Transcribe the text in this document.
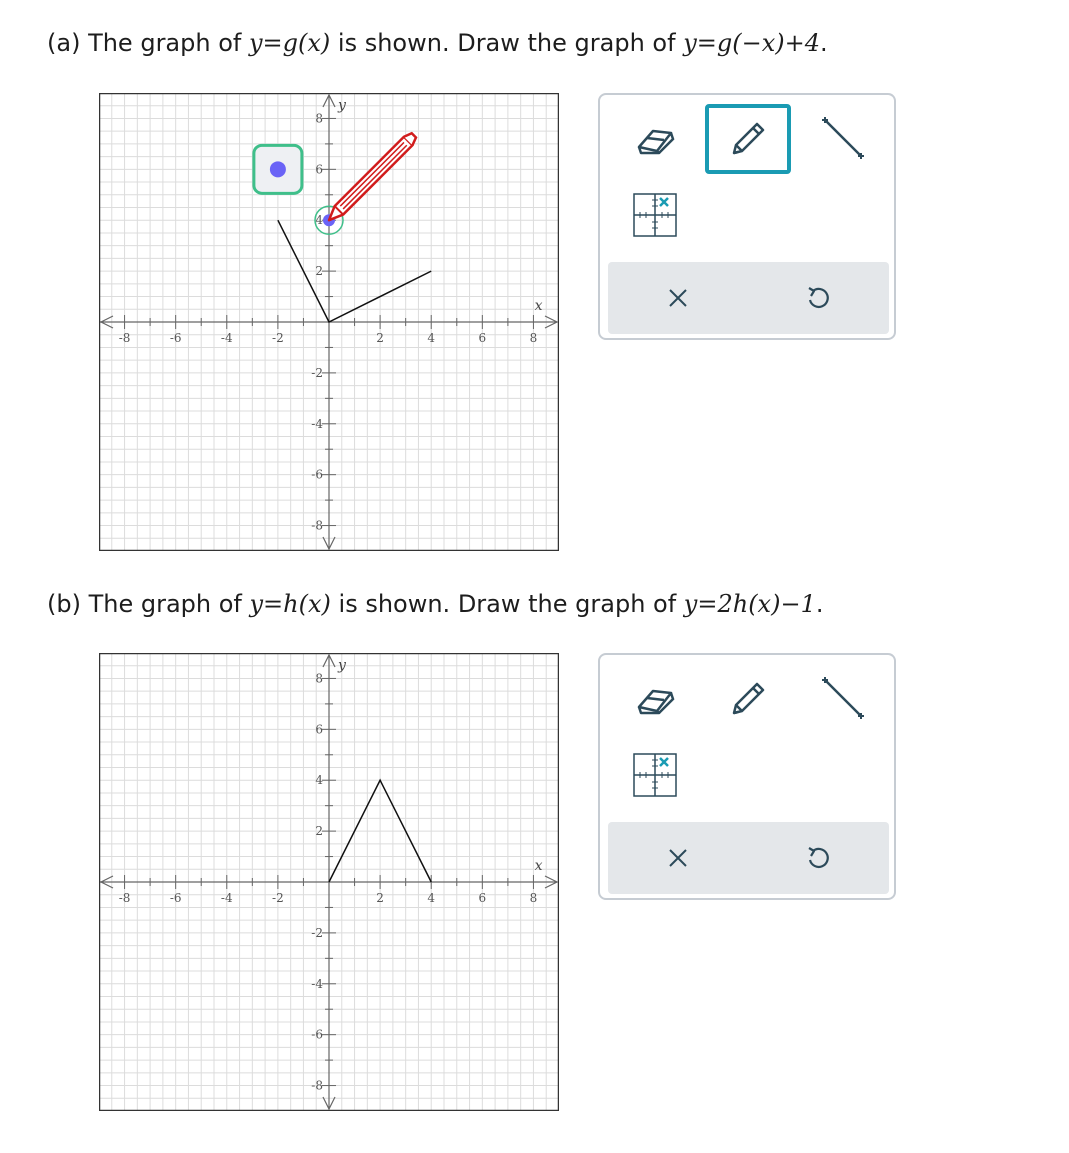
(a) The graph of y=g(x) is shown. Draw the graph of y=g(−x)+4.
-8	-6	-4	-2	2	4	6	8
8
6
4
2
-2
-4
-6
-8
x
y
(b) The graph of y=h(x) is shown. Draw the graph of y=2h(x)−1.
-8	-6	-4	-2	2	4	6	8
8
6
4
2
-2
-4
-6
-8
x
y
